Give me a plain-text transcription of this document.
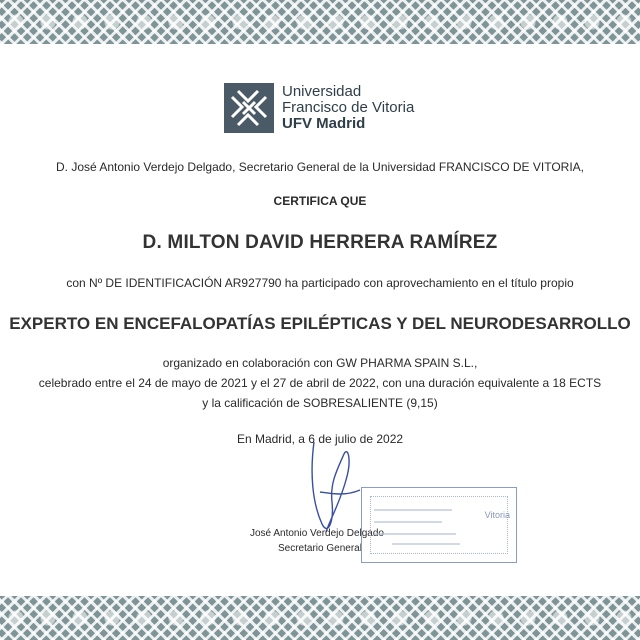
Universidad
Francisco de Vitoria
UFV Madrid
D. José Antonio Verdejo Delgado, Secretario General de la Universidad FRANCISCO DE VITORIA,
CERTIFICA QUE
D. MILTON DAVID HERRERA RAMÍREZ
con Nº DE IDENTIFICACIÓN AR927790 ha participado con aprovechamiento en el título propio
EXPERTO EN ENCEFALOPATÍAS EPILÉPTICAS Y DEL NEURODESARROLLO
organizado en colaboración con GW PHARMA SPAIN S.L.,
celebrado entre el 24 de mayo de 2021 y el 27 de abril de 2022, con una duración equivalente a 18 ECTS
y la calificación de SOBRESALIENTE (9,15)
En Madrid, a 6 de julio de 2022
José Antonio Verdejo Delgado
Secretario General
Vitoria
